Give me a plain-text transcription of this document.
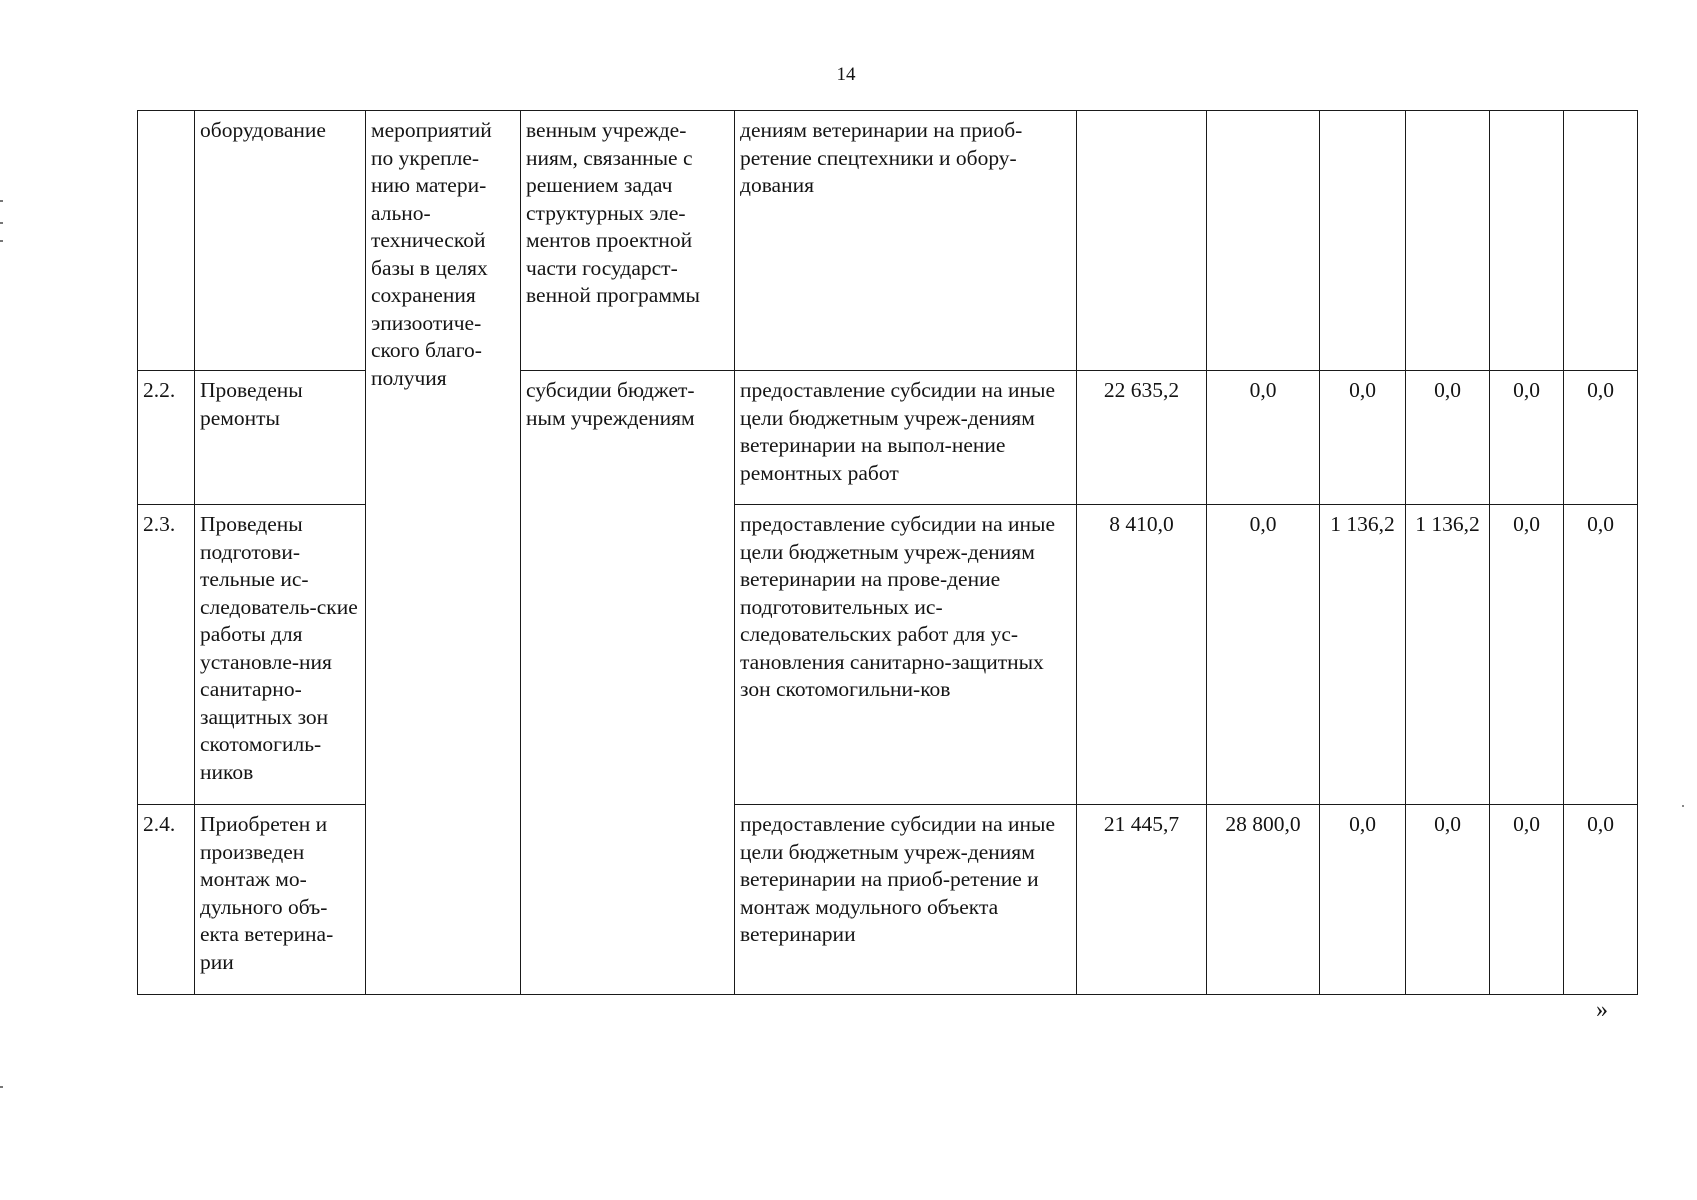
14
	оборудование	мероприятий по укрепле-нию матери-ально-технической базы в целях сохранения эпизоотиче-ского благо-получия	венным учрежде-ниям, связанные с решением задач структурных эле-ментов проектной части государст-венной программы	дениям ветеринарии на приоб-ретение спецтехники и обору-дования						
2.2.	Проведены ремонты		субсидии бюджет-ным учреждениям	предоставление субсидии на иные цели бюджетным учреж-дениям ветеринарии на выпол-нение ремонтных работ	22 635,2	0,0	0,0	0,0	0,0	0,0
2.3.	Проведены подготови-тельные ис-следователь-ские работы для установле-ния санитарно-защитных зон скотомогиль-ников			предоставление субсидии на иные цели бюджетным учреж-дениям ветеринарии на прове-дение подготовительных ис-следовательских работ для ус-тановления санитарно-защитных зон скотомогильни-ков	8 410,0	0,0	1 136,2	1 136,2	0,0	0,0
2.4.	Приобретен и произведен монтаж мо-дульного объ-екта ветерина-рии			предоставление субсидии на иные цели бюджетным учреж-дениям ветеринарии на приоб-ретение и монтаж модульного объекта ветеринарии	21 445,7	28 800,0	0,0	0,0	0,0	0,0
»
